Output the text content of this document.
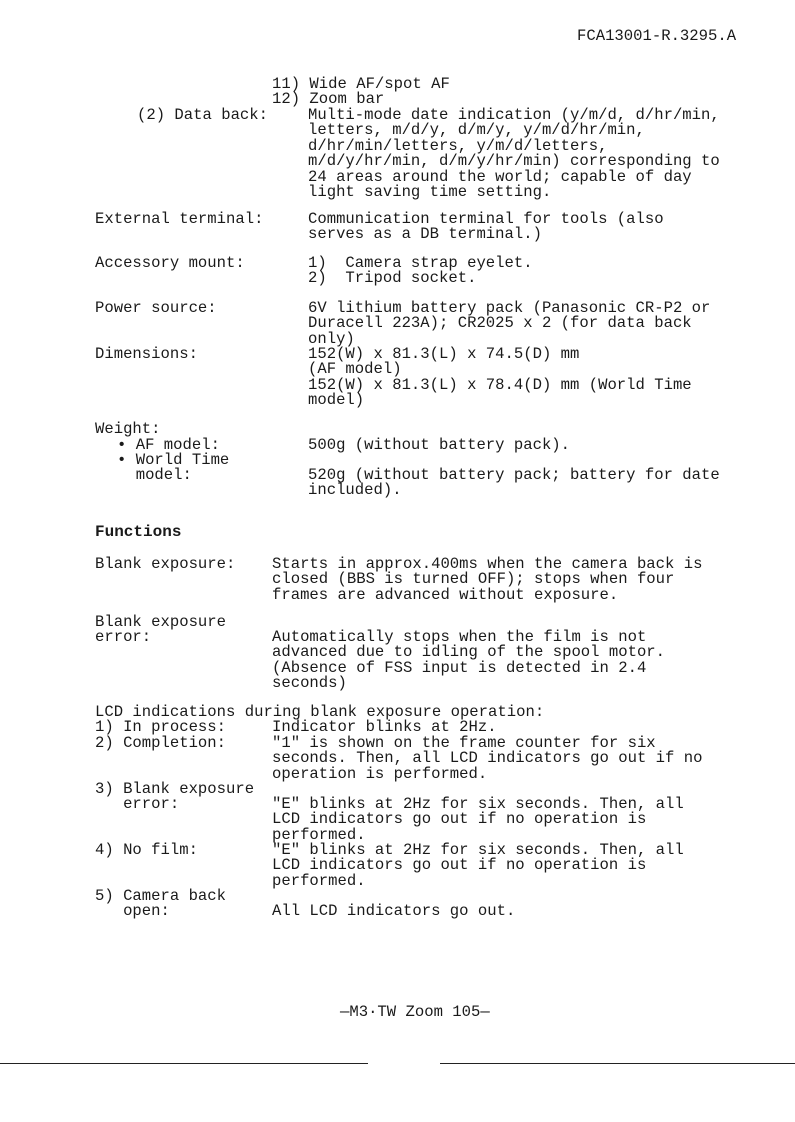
FCA13001-R.3295.A
11) Wide AF/spot AF
12) Zoom bar
(2) Data back:	Multi-mode date indication (y/m/d, d/hr/min,
letters, m/d/y, d/m/y, y/m/d/hr/min,
d/hr/min/letters, y/m/d/letters,
m/d/y/hr/min, d/m/y/hr/min) corresponding to
24 areas around the world; capable of day
light saving time setting.
External terminal:	Communication terminal for tools (also
serves as a DB terminal.)
Accessory mount:	1)  Camera strap eyelet.
2)  Tripod socket.
Power source:	6V lithium battery pack (Panasonic CR-P2 or
Duracell 223A); CR2025 x 2 (for data back
only)
Dimensions:	152(W) x 81.3(L) x 74.5(D) mm
(AF model)
152(W) x 81.3(L) x 78.4(D) mm (World Time
model)
Weight:
• AF model:	500g (without battery pack).
• World Time
model:	520g (without battery pack; battery for date
included).
Functions
Blank exposure: Starts in approx.400ms when the camera back is
closed (BBS is turned OFF); stops when four
frames are advanced without exposure.
Blank exposure
error:	Automatically stops when the film is not
advanced due to idling of the spool motor.
(Absence of FSS input is detected in 2.4
seconds)
LCD indications during blank exposure operation:
1) In process:	Indicator blinks at 2Hz.
2) Completion:	"1" is shown on the frame counter for six
seconds. Then, all LCD indicators go out if no
operation is performed.
3) Blank exposure
error:	"E" blinks at 2Hz for six seconds. Then, all
LCD indicators go out if no operation is
performed.
4) No film:	"E" blinks at 2Hz for six seconds. Then, all
LCD indicators go out if no operation is
performed.
5) Camera back
open:	All LCD indicators go out.
—M3·TW Zoom 105—
